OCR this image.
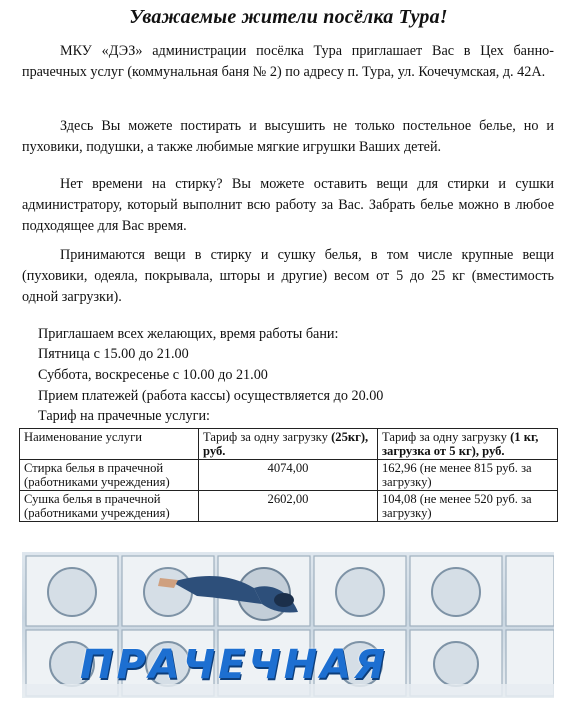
Уважаемые жители посёлка Тура!

МКУ «ДЭЗ» администрации посёлка Тура приглашает Вас в Цех банно-прачечных услуг (коммунальная баня № 2) по адресу п. Тура, ул. Кочечумская, д. 42А.

Здесь Вы можете постирать и высушить не только постельное белье, но и пуховики, подушки, а также любимые мягкие игрушки Ваших детей.

Нет времени на стирку? Вы можете оставить вещи для стирки и сушки администратору, который выполнит всю работу за Вас. Забрать белье можно в любое подходящее для Вас время.

Принимаются вещи в стирку и сушку белья, в том числе крупные вещи (пуховики, одеяла, покрывала, шторы и другие) весом от 5 до 25 кг (вместимость одной загрузки).

Приглашаем всех желающих, время работы бани:

Пятница с 15.00 до 21.00

Суббота, воскресенье с 10.00 до 21.00

Прием платежей (работа кассы) осуществляется до 20.00

Тариф на прачечные услуги:

Наименование услуги	Тариф за одну загрузку (25кг), руб.	Тариф за одну загрузку (1 кг, загрузка от 5 кг), руб.
Стирка белья в прачечной (работниками учреждения)	4074,00	162,96 (не менее 815 руб. за загрузку)
Сушка белья в прачечной (работниками учреждения)	2602,00	104,08 (не менее 520 руб. за загрузку)
ПРАЧЕЧНАЯ
